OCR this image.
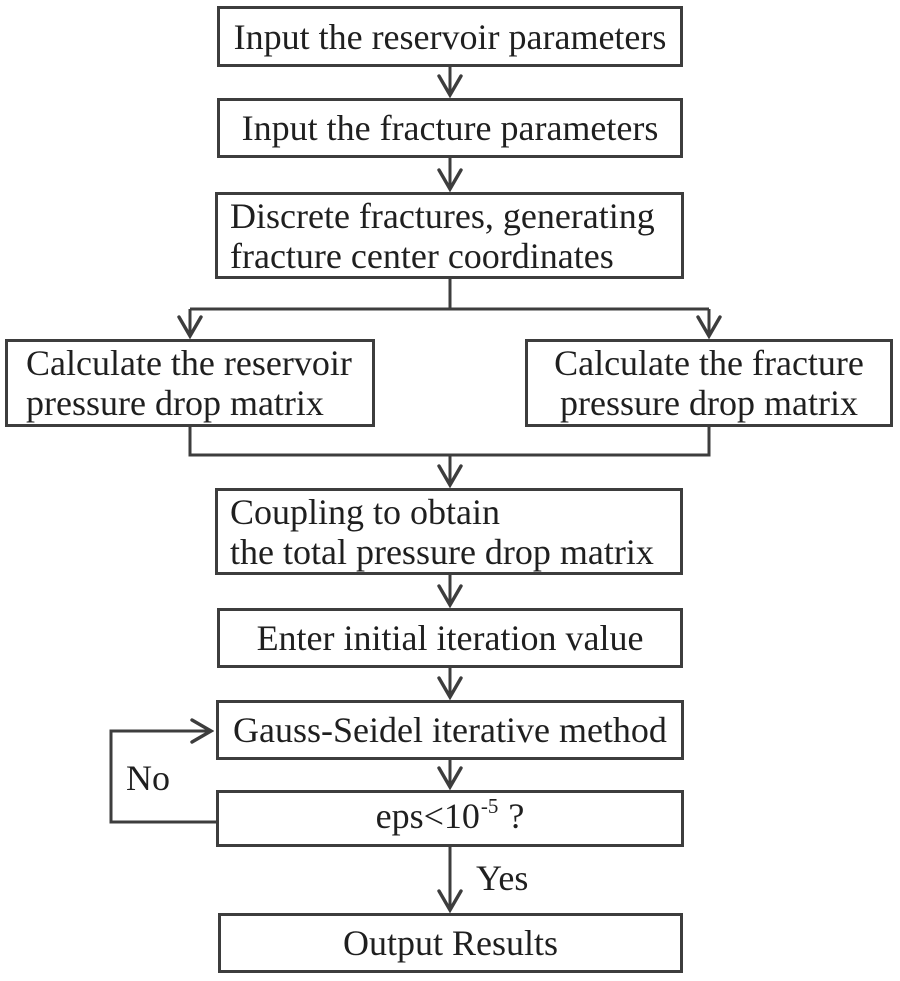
Input the reservoir parameters
Input the fracture parameters
Discrete fractures, generating
fracture center coordinates
Calculate the reservoir
pressure drop matrix
Calculate the fracture
pressure drop matrix
Coupling to obtain
the total pressure drop matrix
Enter initial iteration value
Gauss-Seidel iterative method
$eps<10^{-5}$ ?
Output Results
No
Yes
